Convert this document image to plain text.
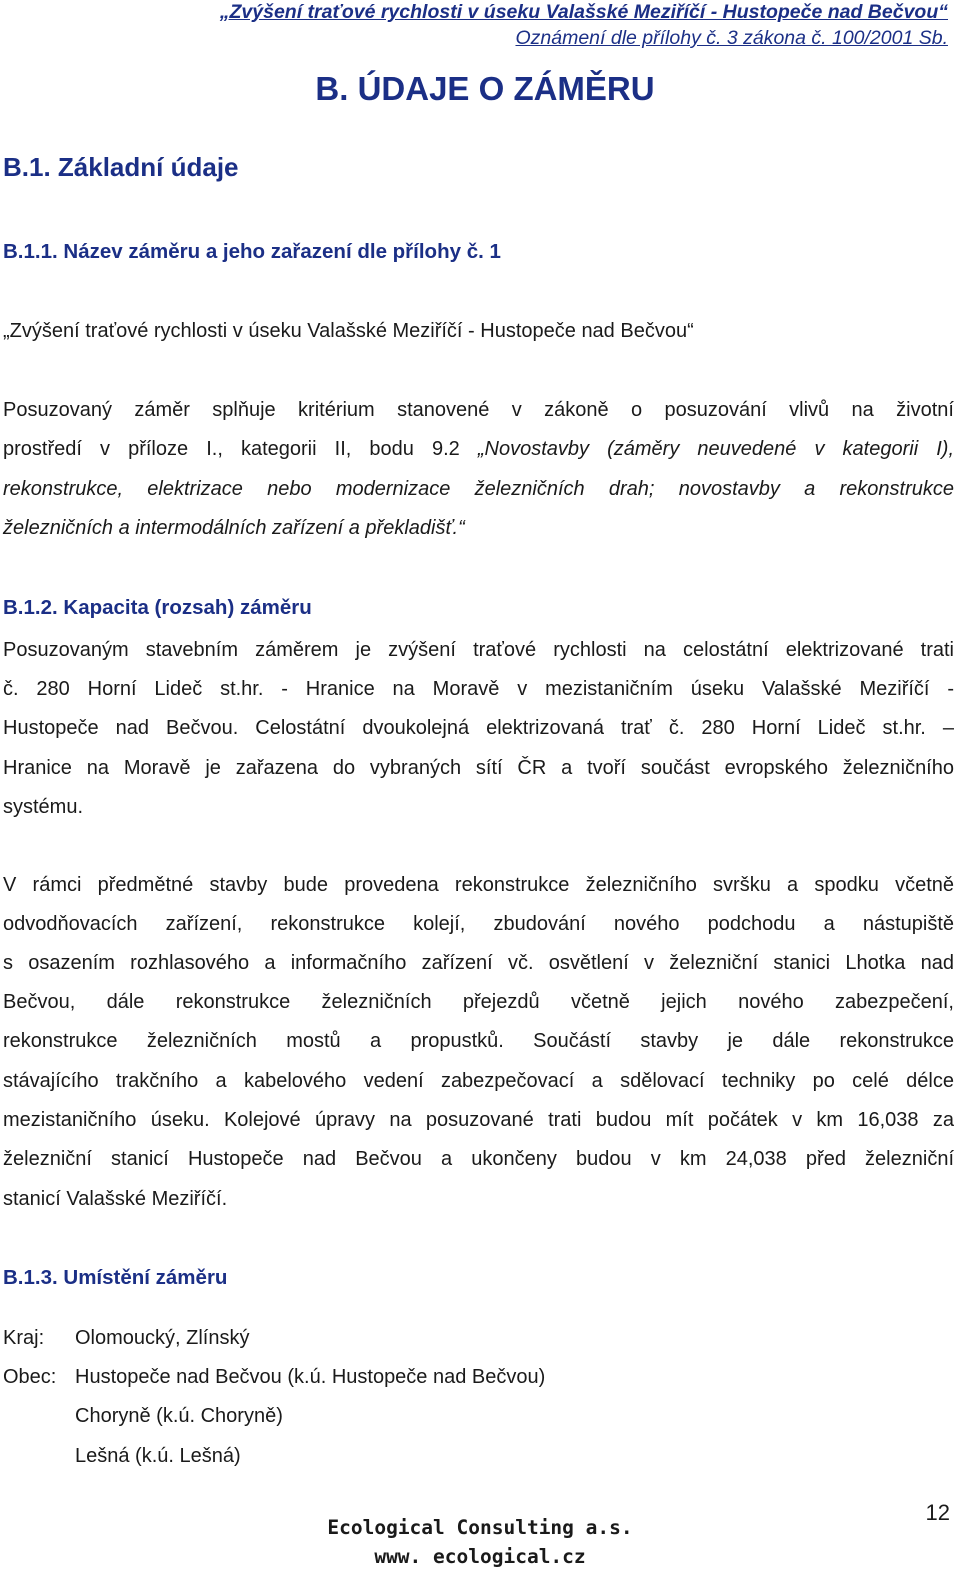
„Zvýšení traťové rychlosti v úseku Valašské Meziříčí - Hustopeče nad Bečvou“
Oznámení dle přílohy č. 3 zákona č. 100/2001 Sb.
B. ÚDAJE O ZÁMĚRU
B.1. Základní údaje
B.1.1. Název záměru a jeho zařazení dle přílohy č. 1
„Zvýšení traťové rychlosti v úseku Valašské Meziříčí - Hustopeče nad Bečvou“
Posuzovaný záměr splňuje kritérium stanovené v zákoně o posuzování vlivů na životní
prostředí v příloze I., kategorii II, bodu 9.2 „Novostavby (záměry neuvedené v kategorii I),
rekonstrukce, elektrizace nebo modernizace železničních drah; novostavby a rekonstrukce
železničních a intermodálních zařízení a překladišť.“
B.1.2. Kapacita (rozsah) záměru
Posuzovaným stavebním záměrem je zvýšení traťové rychlosti na celostátní elektrizované trati
č. 280 Horní Lideč st.hr. - Hranice na Moravě v mezistaničním úseku Valašské Meziříčí -
Hustopeče nad Bečvou. Celostátní dvoukolejná elektrizovaná trať č. 280 Horní Lideč st.hr. –
Hranice na Moravě je zařazena do vybraných sítí ČR a tvoří součást evropského železničního
systému.
V rámci předmětné stavby bude provedena rekonstrukce železničního svršku a spodku včetně
odvodňovacích zařízení, rekonstrukce kolejí, zbudování nového podchodu a nástupiště
s osazením rozhlasového a informačního zařízení vč. osvětlení v železniční stanici Lhotka nad
Bečvou, dále rekonstrukce železničních přejezdů včetně jejich nového zabezpečení,
rekonstrukce železničních mostů a propustků. Součástí stavby je dále rekonstrukce
stávajícího trakčního a kabelového vedení zabezpečovací a sdělovací techniky po celé délce
mezistaničního úseku. Kolejové úpravy na posuzované trati budou mít počátek v km 16,038 za
železniční stanicí Hustopeče nad Bečvou a ukončeny budou v km 24,038 před železniční
stanicí Valašské Meziříčí.
B.1.3. Umístění záměru
Kraj: Olomoucký, Zlínský
Obec: Hustopeče nad Bečvou (k.ú. Hustopeče nad Bečvou)
Choryně (k.ú. Choryně)
Lešná (k.ú. Lešná)
Ecological Consulting a.s.
www. ecological.cz
12
